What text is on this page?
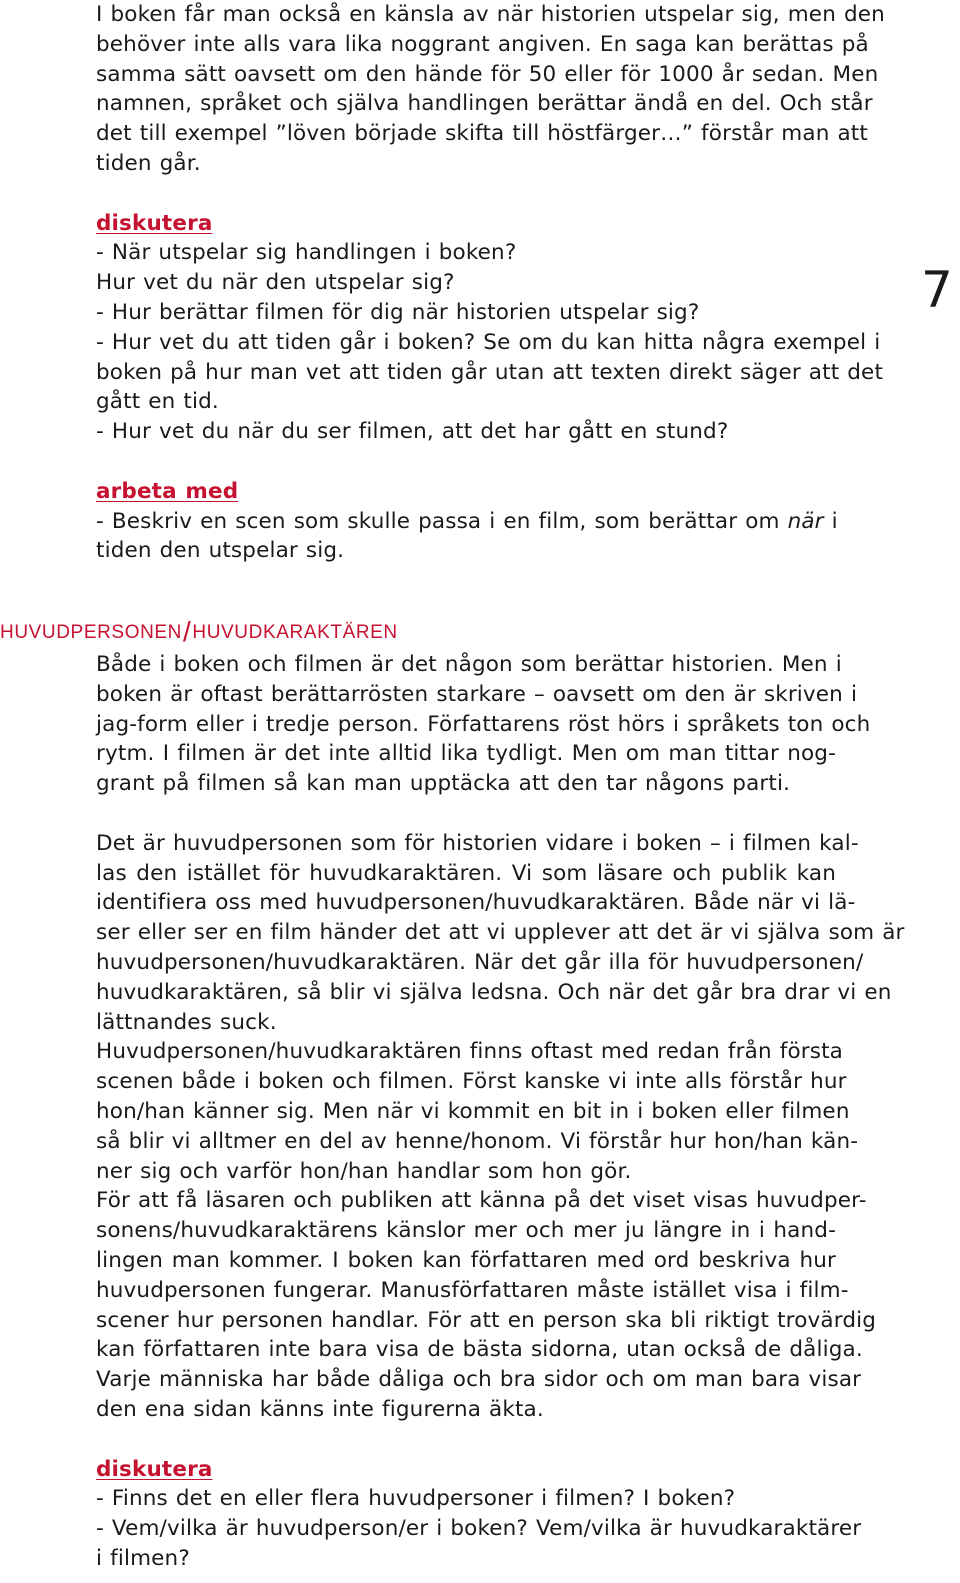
7

I boken får man också en känsla av när historien utspelar sig, men den
behöver inte alls vara lika noggrant angiven. En saga kan berättas på
samma sätt oavsett om den hände för 50 eller för 1000 år sedan. Men
namnen, språket och själva handlingen berättar ändå en del. Och står
det till exempel ”löven började skifta till höstfärger…” förstår man att
tiden går.

diskutera
- När utspelar sig handlingen i boken?
Hur vet du när den utspelar sig?
- Hur berättar filmen för dig när historien utspelar sig?
- Hur vet du att tiden går i boken? Se om du kan hitta några exempel i
boken på hur man vet att tiden går utan att texten direkt säger att det
gått en tid.
- Hur vet du när du ser filmen, att det har gått en stund?
arbeta med
- Beskriv en scen som skulle passa i en film, som berättar om när i
tiden den utspelar sig.
HUVUDPERSONEN/HUVUDKARAKTÄREN

Både i boken och filmen är det någon som berättar historien. Men i
boken är oftast berättarrösten starkare – oavsett om den är skriven i
jag-form eller i tredje person. Författarens röst hörs i språkets ton och
rytm. I filmen är det inte alltid lika tydligt. Men om man tittar nog-
grant på filmen så kan man upptäcka att den tar någons parti.

Det är huvudpersonen som för historien vidare i boken – i filmen kal-
las den istället för huvudkaraktären. Vi som läsare och publik kan
identifiera oss med huvudpersonen/huvudkaraktären. Både när vi lä-
ser eller ser en film händer det att vi upplever att det är vi själva som är
huvudpersonen/huvudkaraktären. När det går illa för huvudpersonen/
huvudkaraktären, så blir vi själva ledsna. Och när det går bra drar vi en
lättnandes suck.

Huvudpersonen/huvudkaraktären finns oftast med redan från första
scenen både i boken och filmen. Först kanske vi inte alls förstår hur
hon/han känner sig. Men när vi kommit en bit in i boken eller filmen
så blir vi alltmer en del av henne/honom. Vi förstår hur hon/han kän-
ner sig och varför hon/han handlar som hon gör.

För att få läsaren och publiken att känna på det viset visas huvudper-
sonens/huvudkaraktärens känslor mer och mer ju längre in i hand-
lingen man kommer. I boken kan författaren med ord beskriva hur
huvudpersonen fungerar. Manusförfattaren måste istället visa i film-
scener hur personen handlar. För att en person ska bli riktigt trovärdig
kan författaren inte bara visa de bästa sidorna, utan också de dåliga.
Varje människa har både dåliga och bra sidor och om man bara visar
den ena sidan känns inte figurerna äkta.

diskutera
- Finns det en eller flera huvudpersoner i filmen? I boken?
- Vem/vilka är huvudperson/er i boken? Vem/vilka är huvudkaraktärer
i filmen?
